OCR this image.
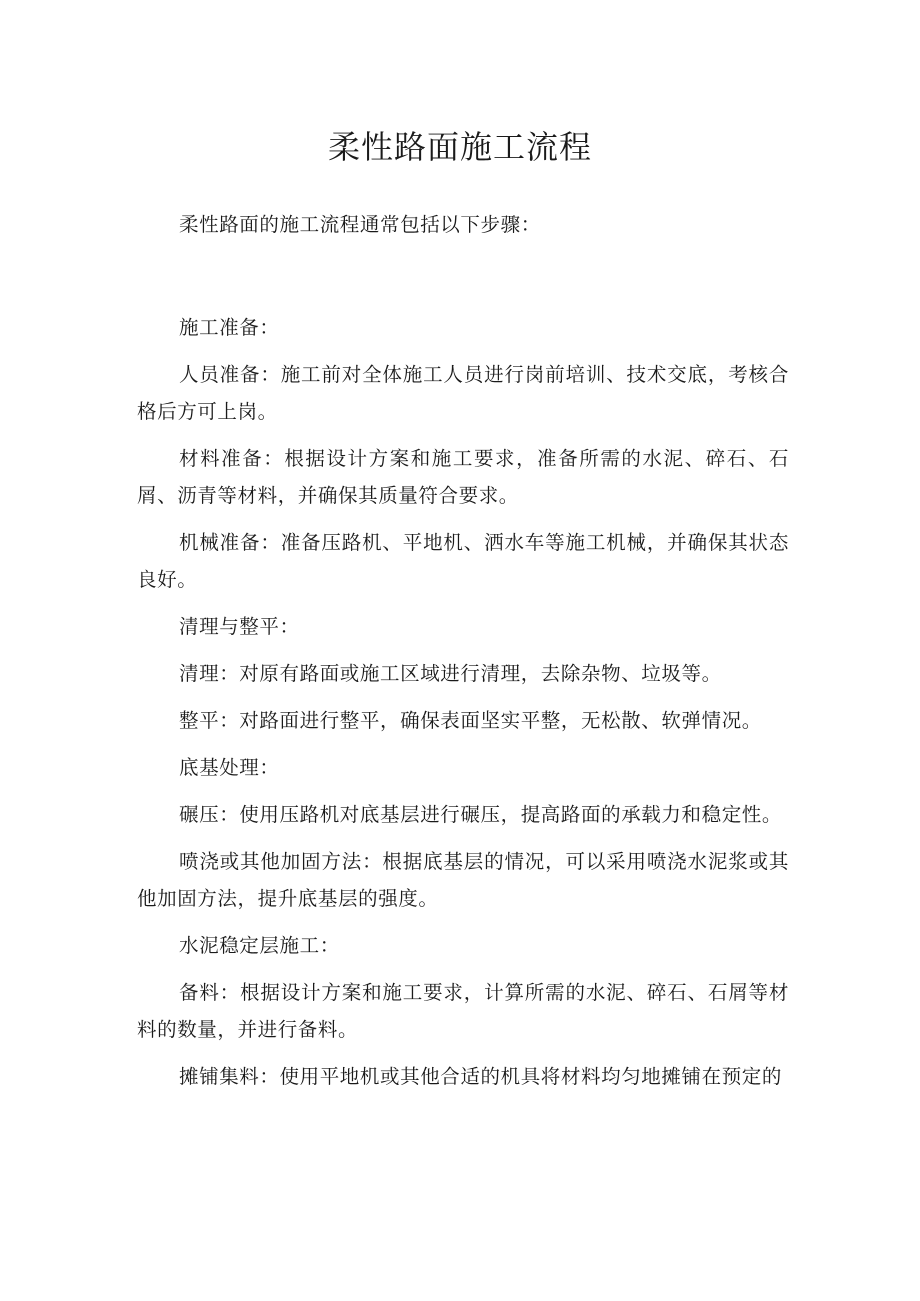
柔性路面施工流程

柔性路面的施工流程通常包括以下步骤：

施工准备：

人员准备：施工前对全体施工人员进行岗前培训、技术交底，考核合格后方可上岗。

材料准备：根据设计方案和施工要求，准备所需的水泥、碎石、石屑、沥青等材料，并确保其质量符合要求。

机械准备：准备压路机、平地机、洒水车等施工机械，并确保其状态良好。

清理与整平：

清理：对原有路面或施工区域进行清理，去除杂物、垃圾等。

整平：对路面进行整平，确保表面坚实平整，无松散、软弹情况。

底基处理：

碾压：使用压路机对底基层进行碾压，提高路面的承载力和稳定性。

喷浇或其他加固方法：根据底基层的情况，可以采用喷浇水泥浆或其他加固方法，提升底基层的强度。

水泥稳定层施工：

备料：根据设计方案和施工要求，计算所需的水泥、碎石、石屑等材料的数量，并进行备料。

摊铺集料：使用平地机或其他合适的机具将材料均匀地摊铺在预定的
